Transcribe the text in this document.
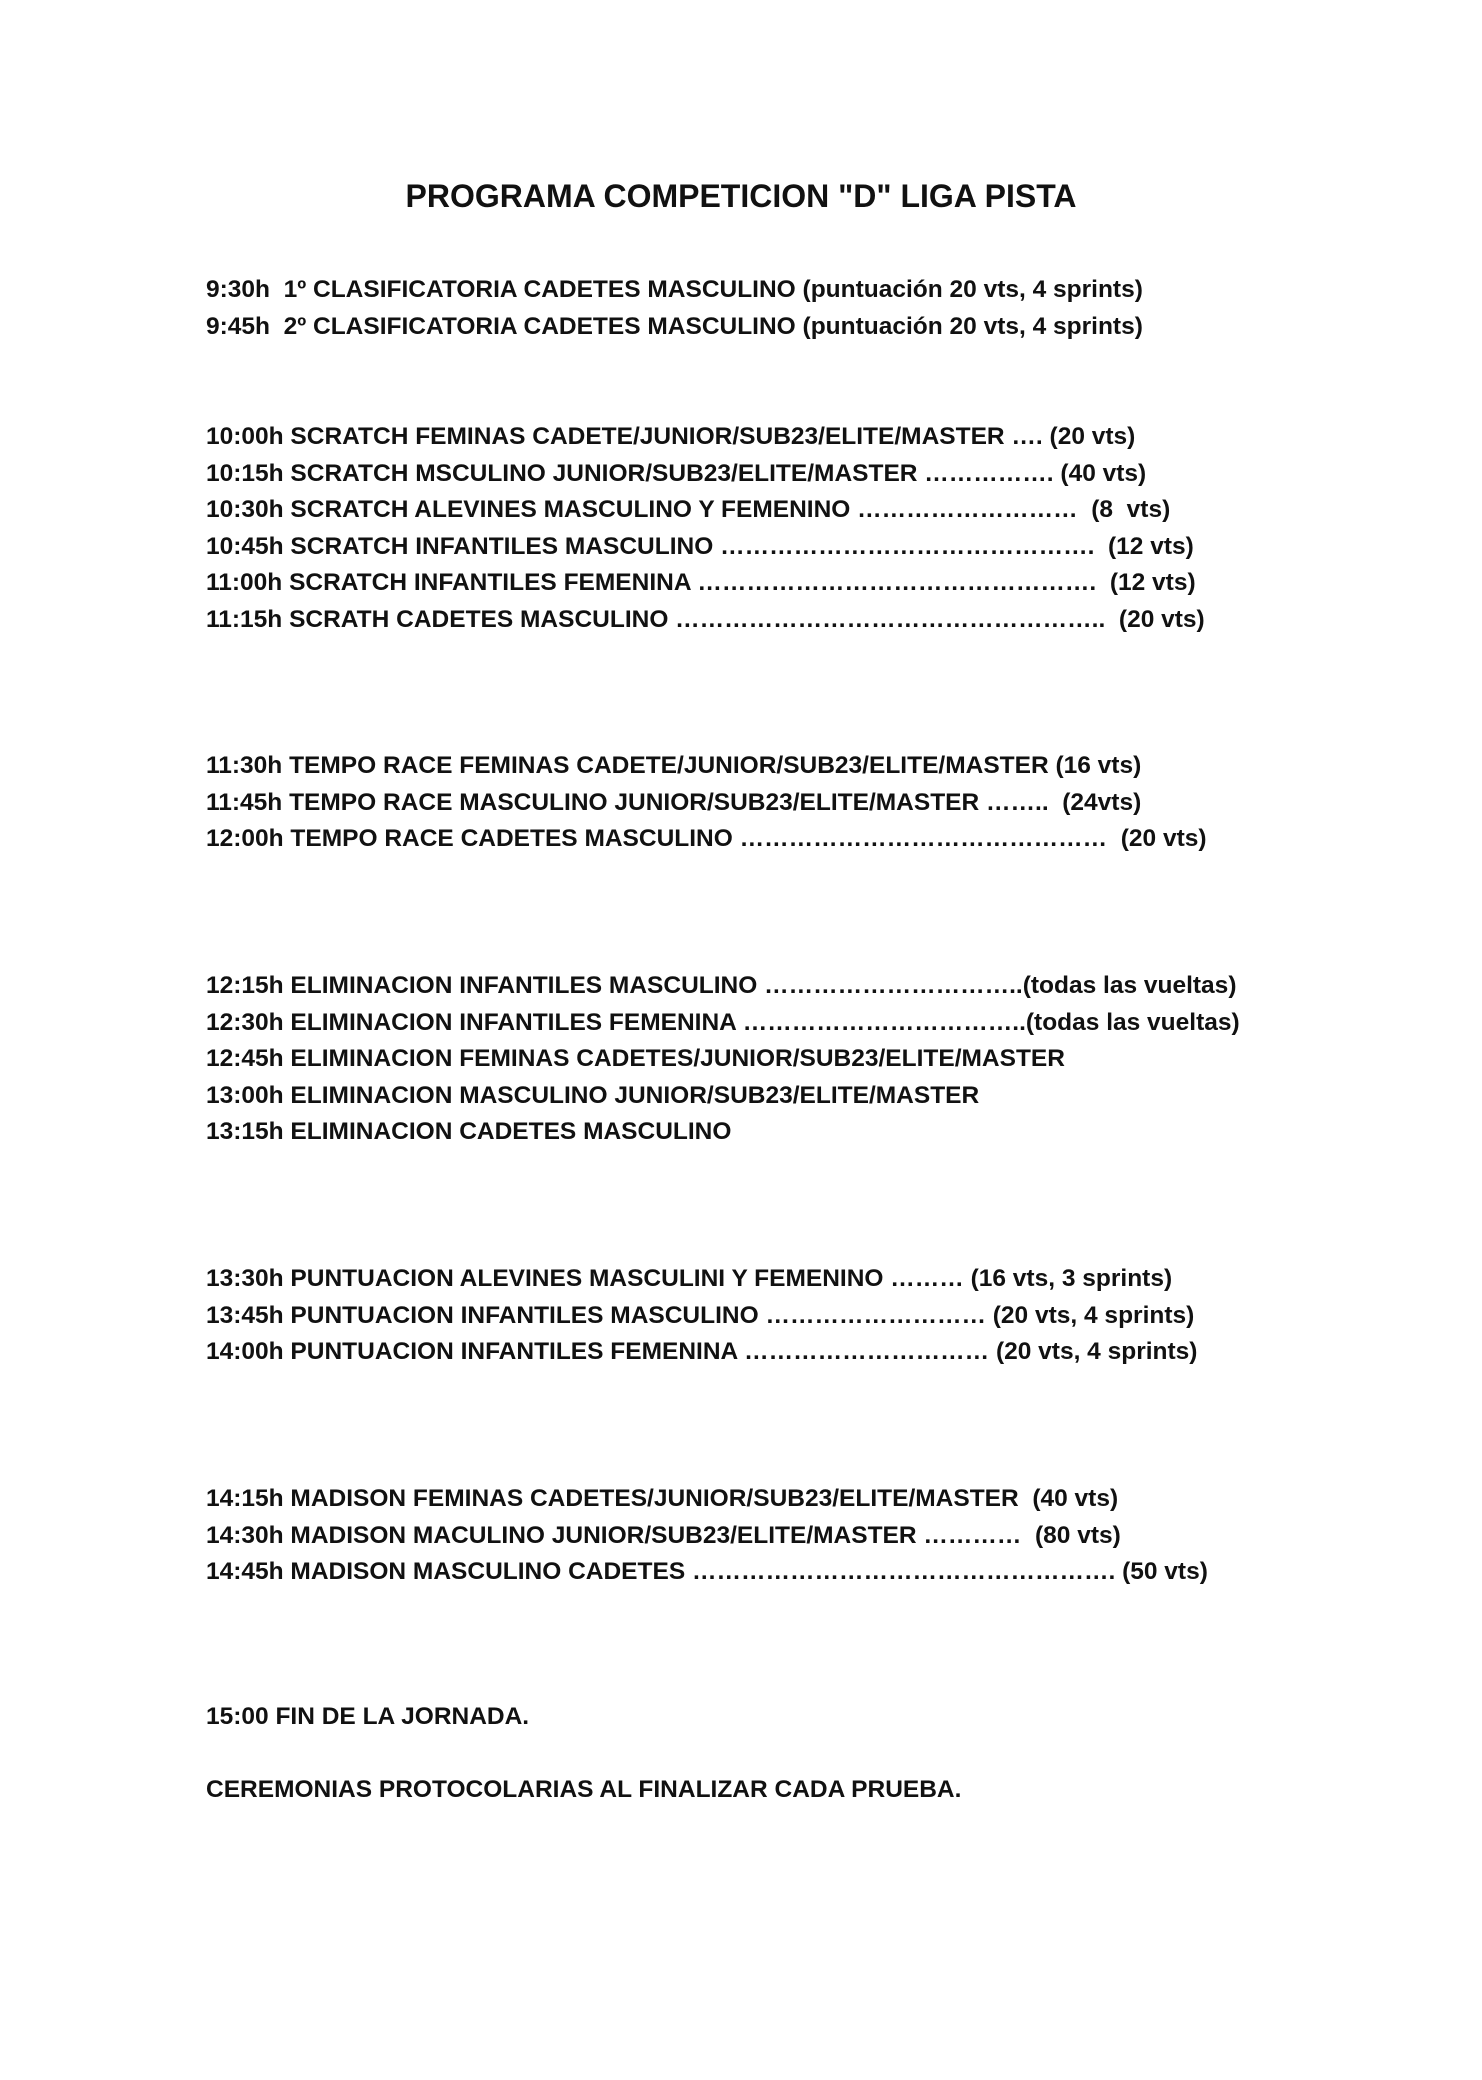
PROGRAMA COMPETICION "D" LIGA PISTA
9:30h  1º CLASIFICATORIA CADETES MASCULINO (puntuación 20 vts, 4 sprints)
9:45h  2º CLASIFICATORIA CADETES MASCULINO (puntuación 20 vts, 4 sprints)
10:00h SCRATCH FEMINAS CADETE/JUNIOR/SUB23/ELITE/MASTER …. (20 vts)
10:15h SCRATCH MSCULINO JUNIOR/SUB23/ELITE/MASTER ……………. (40 vts)
10:30h SCRATCH ALEVINES MASCULINO Y FEMENINO ………………………  (8  vts)
10:45h SCRATCH INFANTILES MASCULINO ……………………………………….  (12 vts)
11:00h SCRATCH INFANTILES FEMENINA ………………………………………….  (12 vts)
11:15h SCRATH CADETES MASCULINO ……………………………………………..  (20 vts)
11:30h TEMPO RACE FEMINAS CADETE/JUNIOR/SUB23/ELITE/MASTER (16 vts)
11:45h TEMPO RACE MASCULINO JUNIOR/SUB23/ELITE/MASTER ……..  (24vts)
12:00h TEMPO RACE CADETES MASCULINO ………………………………………  (20 vts)
12:15h ELIMINACION INFANTILES MASCULINO …………………………..(todas las vueltas)
12:30h ELIMINACION INFANTILES FEMENINA ……………………………..(todas las vueltas)
12:45h ELIMINACION FEMINAS CADETES/JUNIOR/SUB23/ELITE/MASTER
13:00h ELIMINACION MASCULINO JUNIOR/SUB23/ELITE/MASTER
13:15h ELIMINACION CADETES MASCULINO
13:30h PUNTUACION ALEVINES MASCULINI Y FEMENINO ……… (16 vts, 3 sprints)
13:45h PUNTUACION INFANTILES MASCULINO ……………………… (20 vts, 4 sprints)
14:00h PUNTUACION INFANTILES FEMENINA ………………………… (20 vts, 4 sprints)
14:15h MADISON FEMINAS CADETES/JUNIOR/SUB23/ELITE/MASTER  (40 vts)
14:30h MADISON MACULINO JUNIOR/SUB23/ELITE/MASTER …………  (80 vts)
14:45h MADISON MASCULINO CADETES ……………………………………………. (50 vts)
15:00 FIN DE LA JORNADA.
CEREMONIAS PROTOCOLARIAS AL FINALIZAR CADA PRUEBA.
